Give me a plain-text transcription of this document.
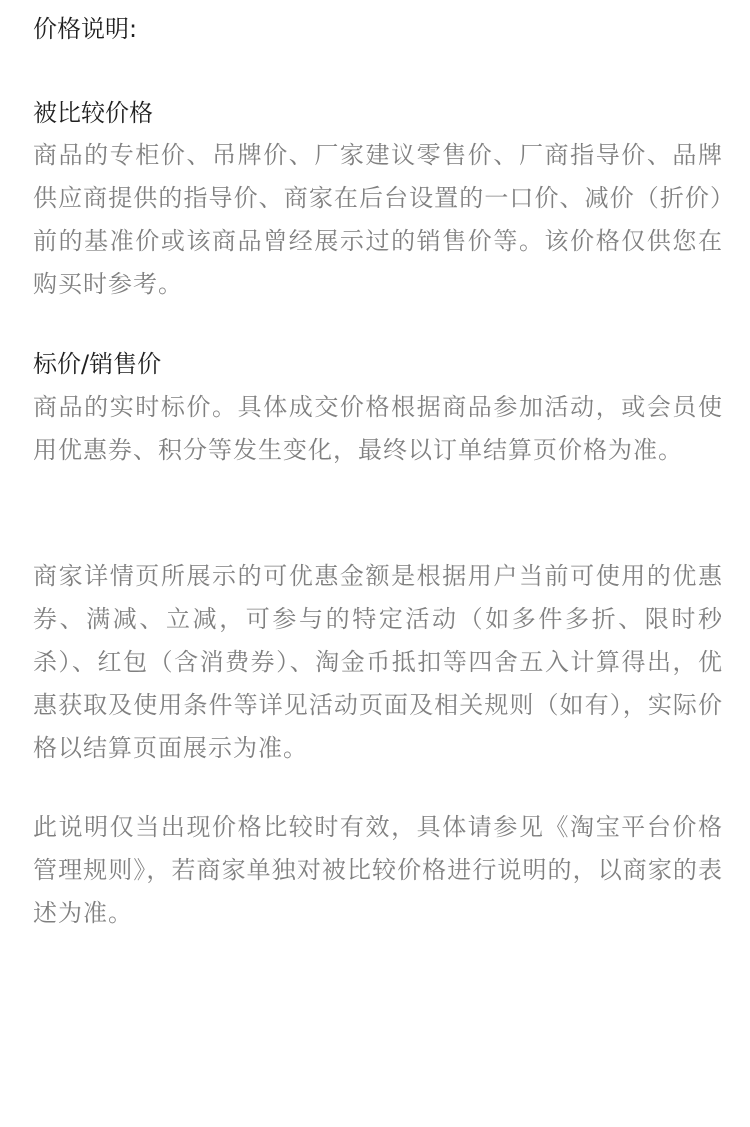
价格说明:
被比较价格
商品的专柜价、吊牌价、厂家建议零售价、厂商指导价、品牌供应商提供的指导价、商家在后台设置的一口价、减价（折价）前的基准价或该商品曾经展示过的销售价等。该价格仅供您在购买时参考。
标价/销售价
商品的实时标价。具体成交价格根据商品参加活动，或会员使用优惠券、积分等发生变化，最终以订单结算页价格为准。
商家详情页所展示的可优惠金额是根据用户当前可使用的优惠券、满减、立减，可参与的特定活动（如多件多折、限时秒杀）、红包（含消费券）、淘金币抵扣等四舍五入计算得出，优惠获取及使用条件等详见活动页面及相关规则（如有），实际价格以结算页面展示为准。
此说明仅当出现价格比较时有效，具体请参见《淘宝平台价格管理规则》，若商家单独对被比较价格进行说明的，以商家的表述为准。
